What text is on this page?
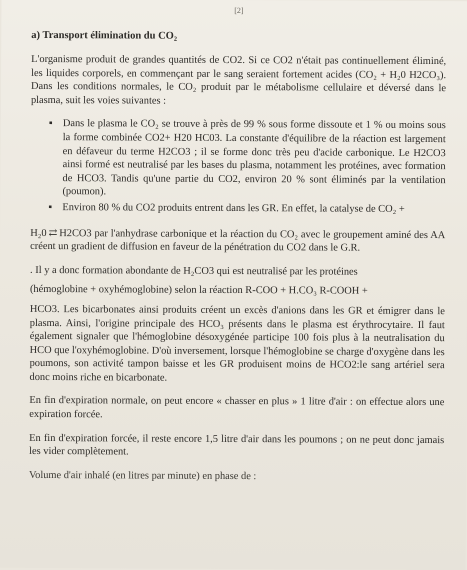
[2]
a) Transport élimination du CO₂

L'organisme produit de grandes quantités de CO2. Si ce CO2 n'était pas continuellement éliminé, les liquides corporels, en commençant par le sang seraient fortement acides (CO₂ + H₂0 H2CO₃). Dans les conditions normales, le CO₂ produit par le métabolisme cellulaire et déversé dans le plasma, suit les voies suivantes :

▪ Dans le plasma le CO₂ se trouve à près de 99 % sous forme dissoute et 1 % ou moins sous la forme combinée CO2+ H20 HC03. La constante d'équilibre de la réaction est largement en défaveur du terme H2CO3 ; il se forme donc très peu d'acide carbonique. Le H2CO3 ainsi formé est neutralisé par les bases du plasma, notamment les protéines, avec formation de HCO3. Tandis qu'une partie du CO2, environ 20 % sont éliminés par la ventilation (poumon).
▪ Environ 80 % du CO2 produits entrent dans les GR. En effet, la catalyse de CO₂ +

H₂0 ⇄ H2CO3 par l'anhydrase carbonique et la réaction du CO₂ avec le groupement aminé des AA créent un gradient de diffusion en faveur de la pénétration du CO2 dans le G.R.

. Il y a donc formation abondante de H₂CO3 qui est neutralisé par les protéines

(hémoglobine + oxyhémoglobine) selon la réaction R-COO + H.CO₃ R-COOH +

HCO3. Les bicarbonates ainsi produits créent un excès d'anions dans les GR et émigrer dans le plasma. Ainsi, l'origine principale des HCO₃ présents dans le plasma est érythrocytaire. Il faut également signaler que l'hémoglobine désoxygénée participe 100 fois plus à la neutralisation du HCO que l'oxyhémoglobine. D'où inversement, lorsque l'hémoglobine se charge d'oxygène dans les poumons, son activité tampon baisse et les GR produisent moins de HCO2:le sang artériel sera donc moins riche en bicarbonate.

En fin d'expiration normale, on peut encore « chasser en plus » 1 litre d'air : on effectue alors une expiration forcée.

En fin d'expiration forcée, il reste encore 1,5 litre d'air dans les poumons ; on ne peut donc jamais les vider complètement.

Volume d'air inhalé (en litres par minute) en phase de :
